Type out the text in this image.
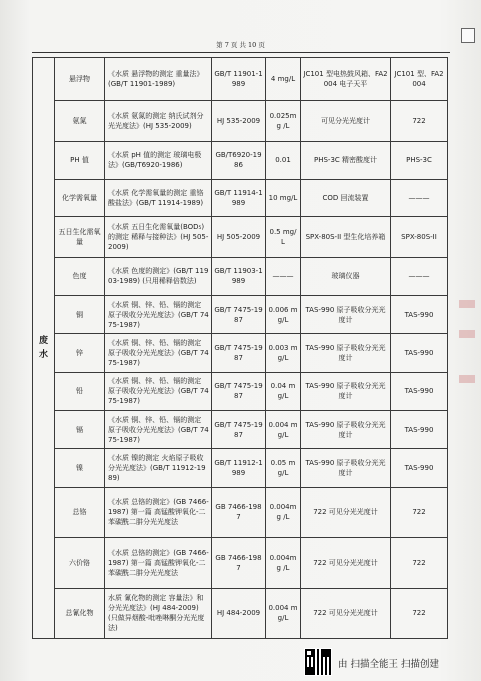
第 7 页 共 10 页
废
水	悬浮物	《水质 悬浮物的测定 重量法》(GB/T 11901-1989)	GB/T 11901-1989	4 mg/L	JC101 型电热鼓风箱、FA2004 电子天平	JC101 型、FA2004
	氨氮	《水质 氨氮的测定 纳氏试剂分光光度法》(HJ 535-2009)	HJ 535-2009	0.025mg /L	可见分光光度计	722
	PH 值	《水质 pH 值的测定 玻璃电极法》(GB/T6920-1986)	GB/T6920-19 86	0.01	PHS-3C 精密酸度计	PHS-3C
	化学需氧量	《水质 化学需氧量的测定 重铬酸盐法》(GB/T 11914-1989)	GB/T 11914-1989	10 mg/L	COD 回流装置	———
	五日生化需氧量	《水质 五日生化需氧量(BOD₅)的测定 稀释与接种法》(HJ 505-2009)	HJ 505-2009	0.5 mg/L	SPX-80S-II 型生化培养箱	SPX-80S-II
	色度	《水质 色度的测定》(GB/T 11903-1989) (只用稀释倍数法)	GB/T 11903-1989	———	玻璃仪器	———
	铜	《水质 铜、锌、铅、镉的测定 原子吸收分光光度法》(GB/T 7475-1987)	GB/T 7475-1987	0.006 mg/L	TAS-990 原子吸收分光光度计	TAS-990
	锌	《水质 铜、锌、铅、镉的测定 原子吸收分光光度法》(GB/T 7475-1987)	GB/T 7475-1987	0.003 mg/L	TAS-990 原子吸收分光光度计	TAS-990
	铅	《水质 铜、锌、铅、镉的测定 原子吸收分光光度法》(GB/T 7475-1987)	GB/T 7475-1987	0.04 mg/L	TAS-990 原子吸收分光光度计	TAS-990
	镉	《水质 铜、锌、铅、镉的测定 原子吸收分光光度法》(GB/T 7475-1987)	GB/T 7475-1987	0.004 mg/L	TAS-990 原子吸收分光光度计	TAS-990
	镍	《水质 镍的测定 火焰原子吸收分光光度法》(GB/T 11912-1989)	GB/T 11912-1989	0.05 mg/L	TAS-990 原子吸收分光光度计	TAS-990
	总铬	《水质 总铬的测定》(GB 7466-1987) 第一篇 高锰酸钾氧化-二苯碳酰二肼分光光度法	GB 7466-1987	0.004mg /L	722 可见分光光度计	722
	六价铬	《水质 总铬的测定》(GB 7466-1987) 第一篇 高锰酸钾氧化-二苯碳酰二肼分光光度法	GB 7466-1987	0.004mg /L	722 可见分光光度计	722
	总氰化物	水质 氰化物的测定 容量法》和分光光度法》(HJ 484-2009) (只做异烟酸-吡唑啉酮分光光度法)	HJ 484-2009	0.004 mg/L	722 可见分光光度计	722
由 扫描全能王 扫描创建
